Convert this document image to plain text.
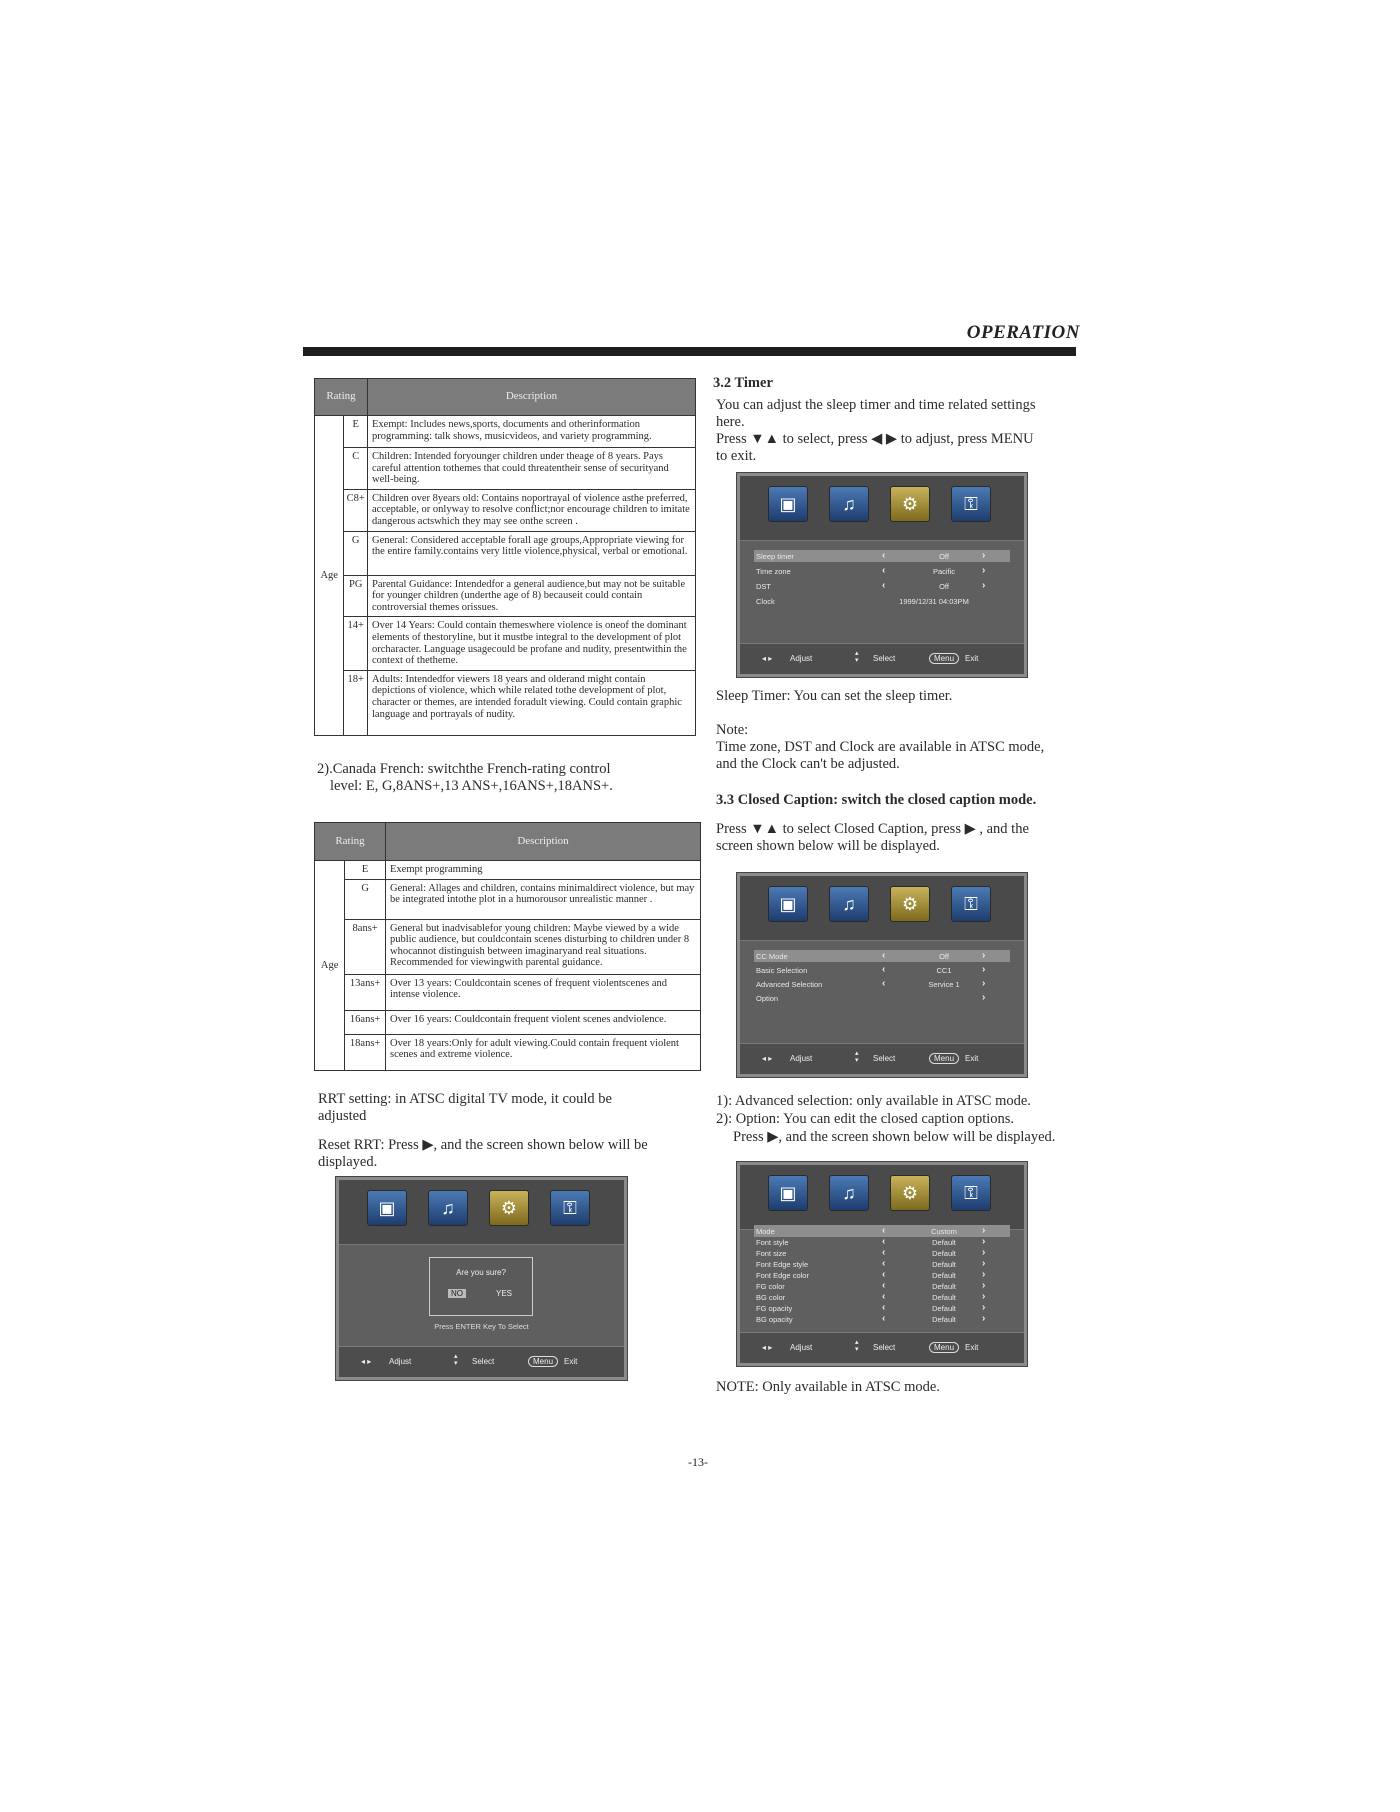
OPERATION
Rating		Description
Age	E	Exempt: Includes news,sports, documents and otherinformation programming: talk shows, musicvideos, and variety programming.
	C	Children: Intended foryounger children under theage of 8 years. Pays careful attention tothemes that could threatentheir sense of securityand well-being.
	C8+	Children over 8years old: Contains noportrayal of violence asthe preferred, acceptable, or onlyway to resolve conflict;nor encourage children to imitate dangerous actswhich they may see onthe screen .
	G	General: Considered acceptable forall age groups,Appropriate viewing for the entire family.contains very little violence,physical, verbal or emotional.
	PG	Parental Guidance: Intendedfor a general audience,but may not be suitable for younger children (underthe age of 8) becauseit could contain controversial themes orissues.
	14+	Over 14 Years: Could contain themeswhere violence is oneof the dominant elements of thestoryline, but it mustbe integral to the development of plot orcharacter. Language usagecould be profane and nudity, presentwithin the context of thetheme.
	18+	Adults: Intendedfor viewers 18 years and olderand might contain depictions of violence, which while related tothe development of plot, character or themes, are intended foradult viewing. Could contain graphic language and portrayals of nudity.
2).Canada French: switchthe French-rating control
level: E, G,8ANS+,13 ANS+,16ANS+,18ANS+.
Rating		Description
Age	E	Exempt programming
	G	General: Allages and children, contains minimaldirect violence, but may be integrated intothe plot in a humorousor unrealistic manner .
	8ans+	General but inadvisablefor young children: Maybe viewed by a wide public audience, but couldcontain scenes disturbing to children under 8 whocannot distinguish between imaginaryand real situations. Recommended for viewingwith parental guidance.
	13ans+	Over 13 years: Couldcontain scenes of frequent violentscenes and intense violence.
	16ans+	Over 16 years: Couldcontain frequent violent scenes andviolence.
	18ans+	Over 18 years:Only for adult viewing.Could contain frequent violent scenes and extreme violence.
RRT setting: in ATSC digital TV mode, it could be
adjusted
Reset RRT: Press ▶, and the screen shown below will be
displayed.
▣	♫	⚙	⚿
Are you sure?
NO	YES
Press ENTER Key To Select
◂ ▸ Adjust
▴
▾ Select	Menu	Exit
3.2 Timer
You can adjust the sleep timer and time related settings
here.
Press ▼▲ to select, press ◀ ▶ to adjust, press MENU
to exit.
▣	♫	⚙	⚿
Sleep timer	‹	Off	›
Time zone	‹	Pacific	›
DST	‹	Off	›
Clock	1999/12/31 04:03PM
◂ ▸ Adjust
▴
▾ Select	Menu	Exit
Sleep Timer: You can set the sleep timer.
Note:
Time zone, DST and Clock are available in ATSC mode,
and the Clock can't be adjusted.
3.3 Closed Caption: switch the closed caption mode.
Press ▼▲ to select Closed Caption, press ▶ , and the
screen shown below will be displayed.
▣	♫	⚙	⚿
CC Mode	‹	Off	›
Basic Selection	‹	CC1	›
Advanced Selection	‹	Service 1	›
Option	›
◂ ▸ Adjust
▴
▾ Select	Menu	Exit
1): Advanced selection: only available in ATSC mode.
2): Option: You can edit the closed caption options.
Press ▶, and the screen shown below will be displayed.
▣	♫	⚙	⚿
Mode	‹	Custom	›
Font style	‹	Default	›
Font size	‹	Default	›
Font Edge style	‹	Default	›
Font Edge color	‹	Default	›
FG color	‹	Default	›
BG color	‹	Default	›
FG opacity	‹	Default	›
BG opacity	‹	Default	›
◂ ▸ Adjust
▴
▾ Select	Menu	Exit
NOTE: Only available in ATSC mode.
-13-
